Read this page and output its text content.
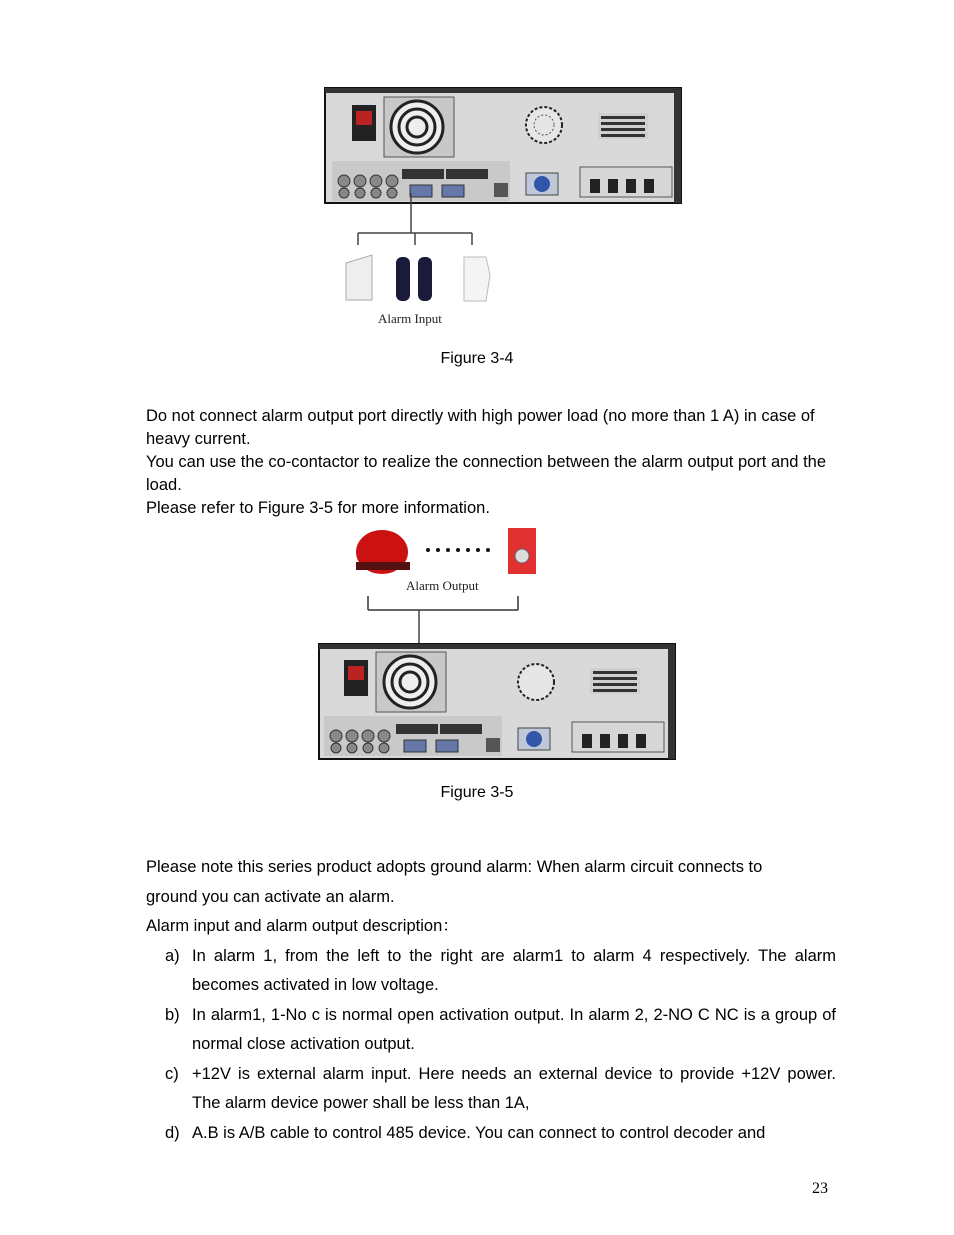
Alarm Input
Figure 3-4

Do not connect alarm output port directly with high power load (no more than 1 A) in case of heavy current.

You can use the co-contactor to realize the connection between the alarm output port and the load.

Please refer to Figure 3-5 for more information.

Alarm Output
Figure 3-5

Please note this series product adopts ground alarm: When alarm circuit connects to ground you can activate an alarm.

Alarm input and alarm output description：

a) In alarm 1, from the left to the right are alarm1 to alarm 4 respectively. The alarm becomes activated in low voltage.
b) In alarm1, 1-No c is normal open activation output. In alarm 2, 2-NO C NC is a group of normal close activation output.
c) +12V is external alarm input. Here needs an external device to provide +12V power. The alarm device power shall be less than 1A,
d) A.B is A/B cable to control 485 device. You can connect to control decoder and
23
